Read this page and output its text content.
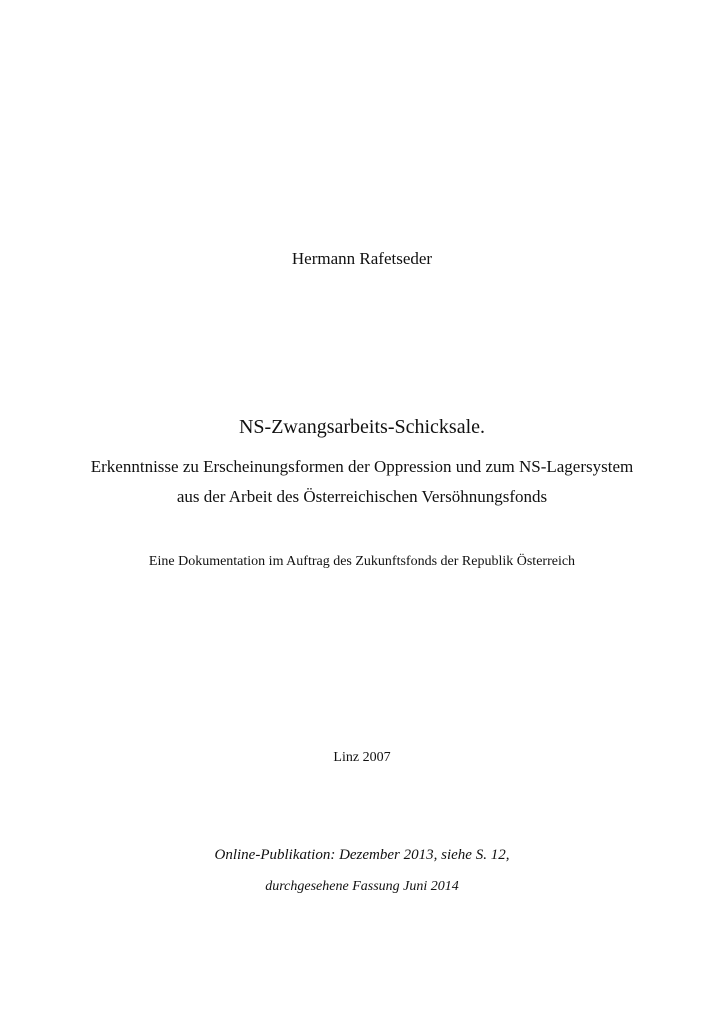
Hermann Rafetseder
NS-Zwangsarbeits-Schicksale.
Erkenntnisse zu Erscheinungsformen der Oppression und zum NS-Lagersystem
aus der Arbeit des Österreichischen Versöhnungsfonds
Eine Dokumentation im Auftrag des Zukunftsfonds der Republik Österreich
Linz 2007
Online-Publikation: Dezember 2013, siehe S. 12,
durchgesehene Fassung Juni 2014
